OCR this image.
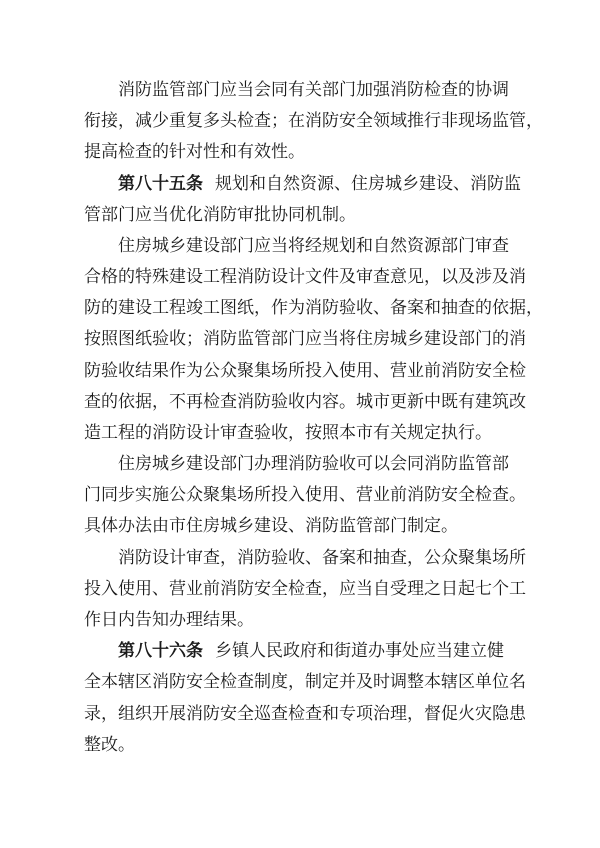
消防监管部门应当会同有关部门加强消防检查的协调
衔接，减少重复多头检查；在消防安全领域推行非现场监管，
提高检查的针对性和有效性。
第八十五条 规划和自然资源、住房城乡建设、消防监
管部门应当优化消防审批协同机制。
住房城乡建设部门应当将经规划和自然资源部门审查
合格的特殊建设工程消防设计文件及审查意见，以及涉及消
防的建设工程竣工图纸，作为消防验收、备案和抽查的依据，
按照图纸验收；消防监管部门应当将住房城乡建设部门的消
防验收结果作为公众聚集场所投入使用、营业前消防安全检
查的依据，不再检查消防验收内容。城市更新中既有建筑改
造工程的消防设计审查验收，按照本市有关规定执行。
住房城乡建设部门办理消防验收可以会同消防监管部
门同步实施公众聚集场所投入使用、营业前消防安全检查。
具体办法由市住房城乡建设、消防监管部门制定。
消防设计审查，消防验收、备案和抽查，公众聚集场所
投入使用、营业前消防安全检查，应当自受理之日起七个工
作日内告知办理结果。
第八十六条 乡镇人民政府和街道办事处应当建立健
全本辖区消防安全检查制度，制定并及时调整本辖区单位名
录，组织开展消防安全巡查检查和专项治理，督促火灾隐患
整改。
